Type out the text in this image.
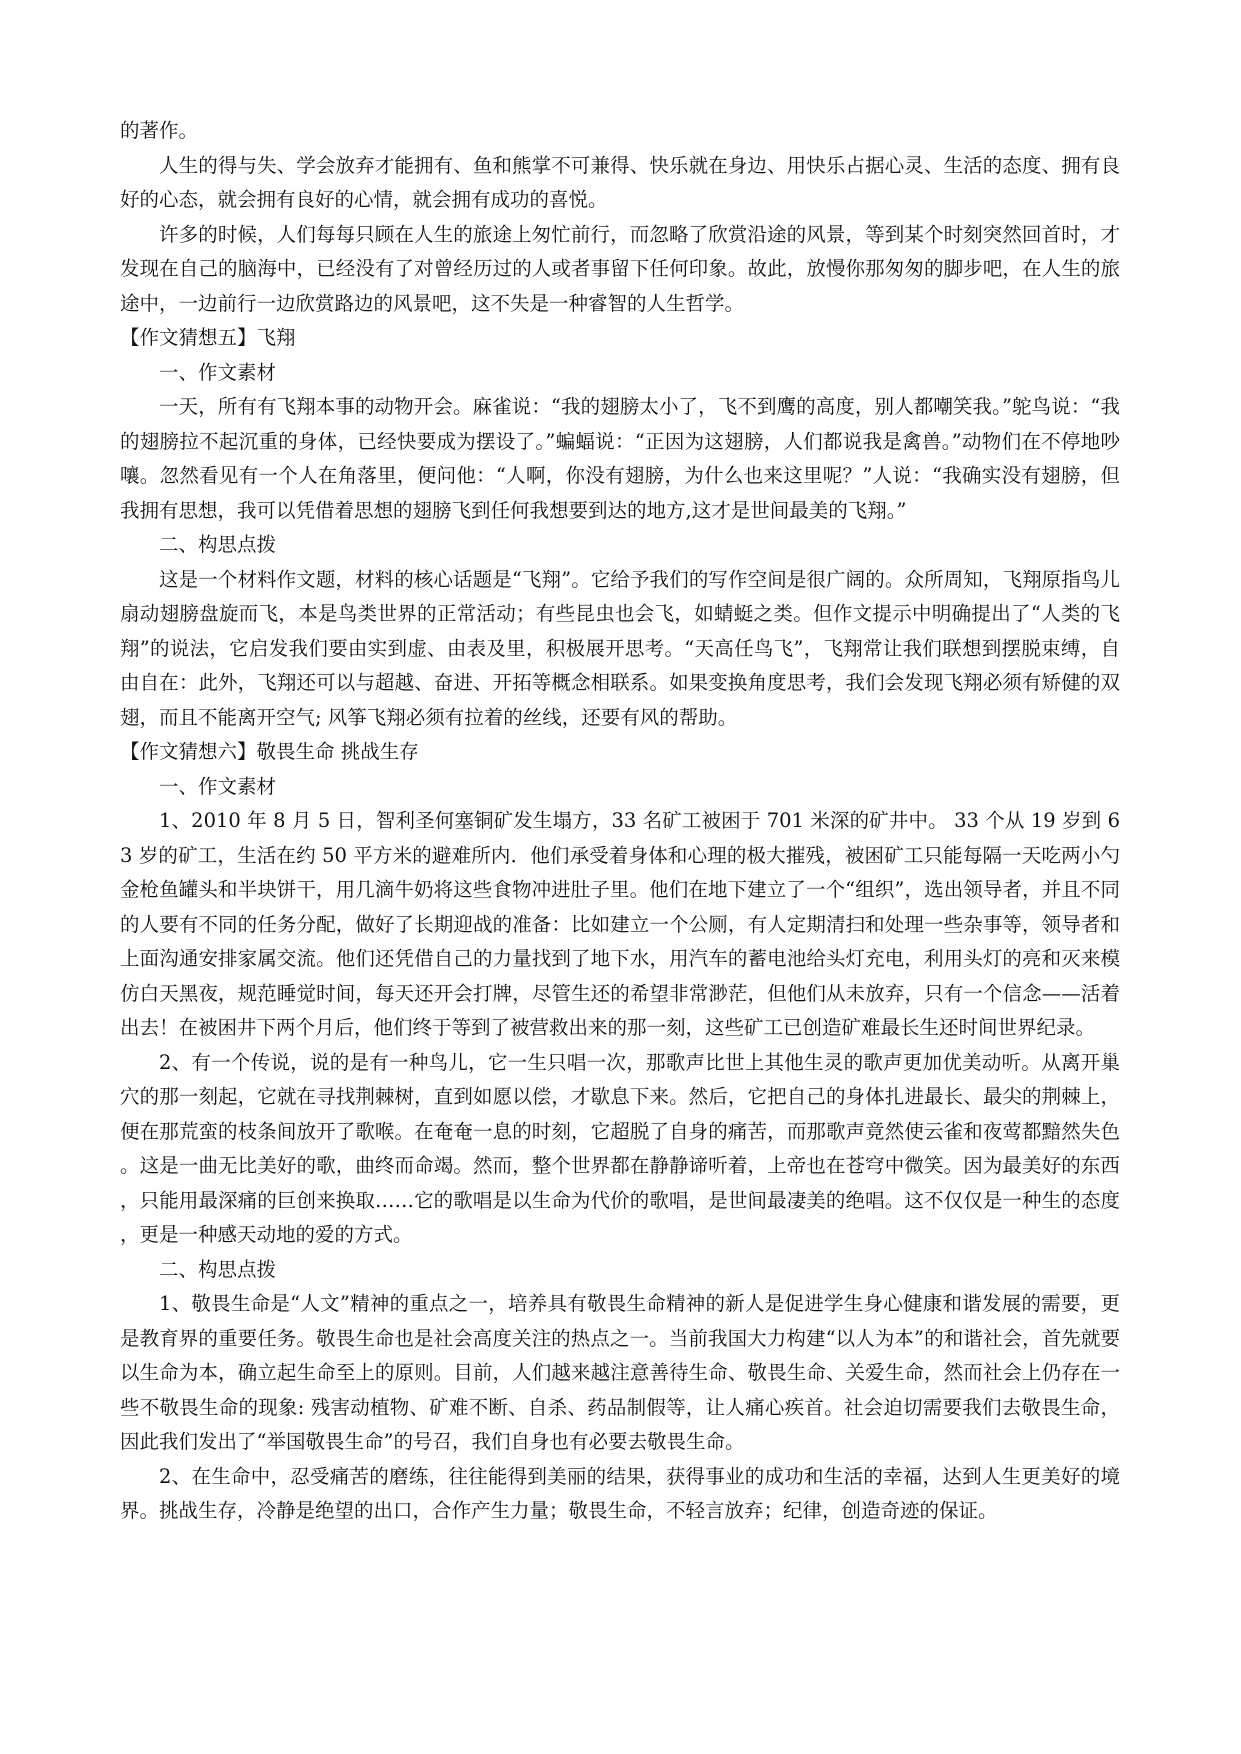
的著作。

人生的得与失、学会放弃才能拥有、鱼和熊掌不可兼得、快乐就在身边、用快乐占据心灵、生活的态度、拥有良好的心态，就会拥有良好的心情，就会拥有成功的喜悦。

许多的时候，人们每每只顾在人生的旅途上匆忙前行，而忽略了欣赏沿途的风景，等到某个时刻突然回首时，才发现在自己的脑海中，已经没有了对曾经历过的人或者事留下任何印象。故此，放慢你那匆匆的脚步吧，在人生的旅途中，一边前行一边欣赏路边的风景吧，这不失是一种睿智的人生哲学。

【作文猜想五】飞翔

一、作文素材

一天，所有有飞翔本事的动物开会。麻雀说：“我的翅膀太小了，飞不到鹰的高度，别人都嘲笑我。”鸵鸟说：“我的翅膀拉不起沉重的身体，已经快要成为摆设了。”蝙蝠说：“正因为这翅膀，人们都说我是禽兽。”动物们在不停地吵嚷。忽然看见有一个人在角落里，便问他：“人啊，你没有翅膀，为什么也来这里呢？”人说：“我确实没有翅膀，但我拥有思想，我可以凭借着思想的翅膀飞到任何我想要到达的地方,这才是世间最美的飞翔。”

二、构思点拨

这是一个材料作文题，材料的核心话题是“飞翔”。它给予我们的写作空间是很广阔的。众所周知，飞翔原指鸟儿扇动翅膀盘旋而飞，本是鸟类世界的正常活动；有些昆虫也会飞，如蜻蜓之类。但作文提示中明确提出了“人类的飞翔”的说法，它启发我们要由实到虚、由表及里，积极展开思考。“天高任鸟飞”，飞翔常让我们联想到摆脱束缚，自由自在：此外，飞翔还可以与超越、奋进、开拓等概念相联系。如果变换角度思考，我们会发现飞翔必须有矫健的双翅，而且不能离开空气; 风筝飞翔必须有拉着的丝线，还要有风的帮助。

【作文猜想六】敬畏生命 挑战生存

一、作文素材

1、2010 年 8 月 5 日，智利圣何塞铜矿发生塌方，33 名矿工被困于 701 米深的矿井中。 33 个从 19 岁到 63 岁的矿工，生活在约 50 平方米的避难所内．他们承受着身体和心理的极大摧残，被困矿工只能每隔一天吃两小勺金枪鱼罐头和半块饼干，用几滴牛奶将这些食物冲进肚子里。他们在地下建立了一个“组织”，选出领导者，并且不同的人要有不同的任务分配，做好了长期迎战的准备：比如建立一个公厕，有人定期清扫和处理一些杂事等，领导者和上面沟通安排家属交流。他们还凭借自己的力量找到了地下水，用汽车的蓄电池给头灯充电，利用头灯的亮和灭来模仿白天黑夜，规范睡觉时间，每天还开会打牌，尽管生还的希望非常渺茫，但他们从未放弃，只有一个信念——活着出去！在被困井下两个月后，他们终于等到了被营救出来的那一刻，这些矿工已创造矿难最长生还时间世界纪录。

2、有一个传说，说的是有一种鸟儿，它一生只唱一次，那歌声比世上其他生灵的歌声更加优美动听。从离开巢穴的那一刻起，它就在寻找荆棘树，直到如愿以偿，才歇息下来。然后，它把自己的身体扎进最长、最尖的荆棘上，便在那荒蛮的枝条间放开了歌喉。在奄奄一息的时刻，它超脱了自身的痛苦，而那歌声竟然使云雀和夜莺都黯然失色。这是一曲无比美好的歌，曲终而命竭。然而，整个世界都在静静谛听着，上帝也在苍穹中微笑。因为最美好的东西，只能用最深痛的巨创来换取……它的歌唱是以生命为代价的歌唱，是世间最凄美的绝唱。这不仅仅是一种生的态度，更是一种感天动地的爱的方式。

二、构思点拨

1、敬畏生命是“人文”精神的重点之一，培养具有敬畏生命精神的新人是促进学生身心健康和谐发展的需要，更是教育界的重要任务。敬畏生命也是社会高度关注的热点之一。当前我国大力构建“以人为本”的和谐社会，首先就要以生命为本，确立起生命至上的原则。目前，人们越来越注意善待生命、敬畏生命、关爱生命，然而社会上仍存在一些不敬畏生命的现象: 残害动植物、矿难不断、自杀、药品制假等，让人痛心疾首。社会迫切需要我们去敬畏生命，因此我们发出了“举国敬畏生命”的号召，我们自身也有必要去敬畏生命。

2、在生命中，忍受痛苦的磨练，往往能得到美丽的结果，获得事业的成功和生活的幸福，达到人生更美好的境界。挑战生存，冷静是绝望的出口，合作产生力量；敬畏生命，不轻言放弃；纪律，创造奇迹的保证。
